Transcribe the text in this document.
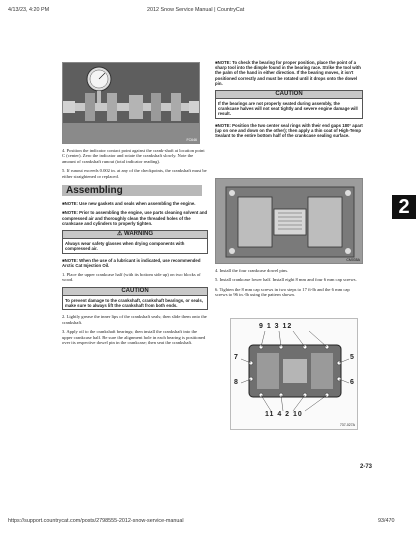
4/13/23, 4:20 PM	2012 Snow Service Manual | CountryCat
FC646
4. Position the indicator contact point against the crank-shaft at location point C (center). Zero the indicator and rotate the crankshaft slowly. Note the amount of crankshaft runout (total indicator reading).
5. If runout exceeds 0.002 in. at any of the checkpoints, the crankshaft must be either straightened or replaced.
Assembling
■NOTE: Use new gaskets and seals when assembling the engine.
■NOTE: Prior to assembling the engine, use parts cleaning solvent and compressed air and thoroughly clean the threaded holes of the crankcase and cylinders to properly tighten.
⚠ WARNING
Always wear safety glasses when drying components with compressed air.
■NOTE: When the use of a lubricant is indicated, use recommended Arctic Cat Injection Oil.
1. Place the upper crankcase half (with its bottom side up) on two blocks of wood.
CAUTION
To prevent damage to the crankshaft, crankshaft bearings, or seals, make sure to always lift the crankshaft from both ends.
2. Lightly grease the inner lips of the crankshaft seals; then slide them onto the crankshaft.
3. Apply oil to the crankshaft bearings; then install the crankshaft into the upper crankcase half. Be sure the alignment hole in each bearing is positioned over its respective dowel pin in the crankcase; then seat the crankshaft.
■NOTE: To check the bearing for proper position, place the point of a sharp tool into the dimple found in the bearing race. Strike the tool with the palm of the hand in either direction. If the bearing moves, it isn't positioned correctly and must be rotated until it drops onto the dowel pin.
CAUTION
If the bearings are not properly seated during assembly, the crankcase halves will not seat tightly and severe engine damage will result.
■NOTE: Position the two center seal rings with their end gaps 180° apart (up on one and down on the other); then apply a thin coat of High-Temp Sealant to the entire bottom half of the crankcase sealing surface.
CM035A
4. Install the four crankcase dowel pins.
5. Install crankcase lower half. Install eight 8 mm and four 6 mm cap screws.
6. Tighten the 8 mm cap screws in two steps to 17 ft-lb and the 6 mm cap screws to 96 in.-lb using the pattern shown.
9 1 3 12
11 4 2 10
7
8
5
6
737-027A
2
2-73
https://support.countrycat.com/posts/2798555-2012-snow-service-manual	93/470
